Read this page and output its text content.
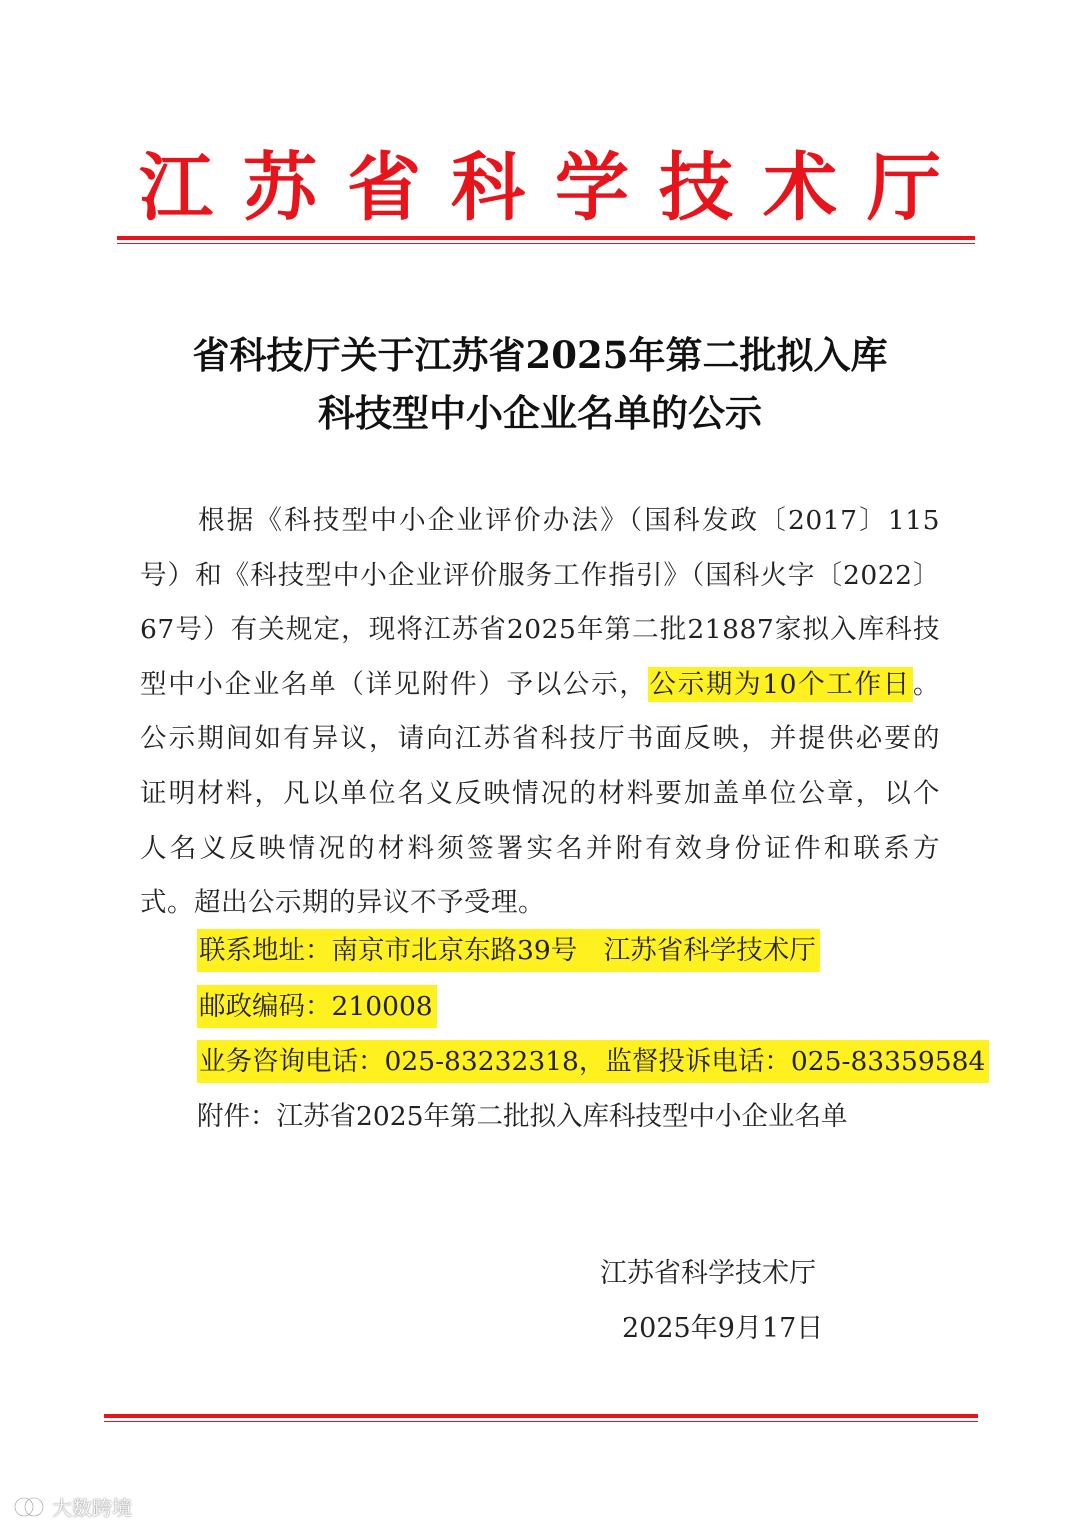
江苏省科学技术厅
省科技厅关于江苏省2025年第二批拟入库
科技型中小企业名单的公示
根据《科技型中小企业评价办法》（国科发政〔2017〕115
号）和《科技型中小企业评价服务工作指引》（国科火字〔2022〕
67号）有关规定，现将江苏省2025年第二批21887家拟入库科技
型中小企业名单（详见附件）予以公示，公示期为10个工作日。
公示期间如有异议，请向江苏省科技厅书面反映，并提供必要的
证明材料，凡以单位名义反映情况的材料要加盖单位公章，以个
人名义反映情况的材料须签署实名并附有效身份证件和联系方
式。超出公示期的异议不予受理。
联系地址：南京市北京东路39号　江苏省科学技术厅
邮政编码：210008
业务咨询电话：025-83232318，监督投诉电话：025-83359584
附件：江苏省2025年第二批拟入库科技型中小企业名单
江苏省科学技术厅
2025年9月17日
大数跨境
